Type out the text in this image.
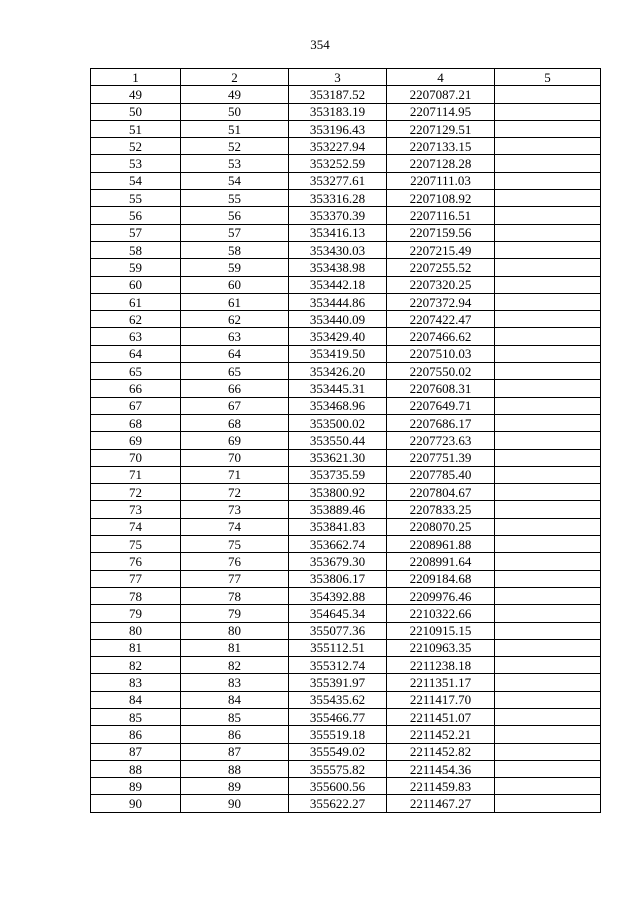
354
1	2	3	4	5
49	49	353187.52	2207087.21	
50	50	353183.19	2207114.95	
51	51	353196.43	2207129.51	
52	52	353227.94	2207133.15	
53	53	353252.59	2207128.28	
54	54	353277.61	2207111.03	
55	55	353316.28	2207108.92	
56	56	353370.39	2207116.51	
57	57	353416.13	2207159.56	
58	58	353430.03	2207215.49	
59	59	353438.98	2207255.52	
60	60	353442.18	2207320.25	
61	61	353444.86	2207372.94	
62	62	353440.09	2207422.47	
63	63	353429.40	2207466.62	
64	64	353419.50	2207510.03	
65	65	353426.20	2207550.02	
66	66	353445.31	2207608.31	
67	67	353468.96	2207649.71	
68	68	353500.02	2207686.17	
69	69	353550.44	2207723.63	
70	70	353621.30	2207751.39	
71	71	353735.59	2207785.40	
72	72	353800.92	2207804.67	
73	73	353889.46	2207833.25	
74	74	353841.83	2208070.25	
75	75	353662.74	2208961.88	
76	76	353679.30	2208991.64	
77	77	353806.17	2209184.68	
78	78	354392.88	2209976.46	
79	79	354645.34	2210322.66	
80	80	355077.36	2210915.15	
81	81	355112.51	2210963.35	
82	82	355312.74	2211238.18	
83	83	355391.97	2211351.17	
84	84	355435.62	2211417.70	
85	85	355466.77	2211451.07	
86	86	355519.18	2211452.21	
87	87	355549.02	2211452.82	
88	88	355575.82	2211454.36	
89	89	355600.56	2211459.83	
90	90	355622.27	2211467.27	
